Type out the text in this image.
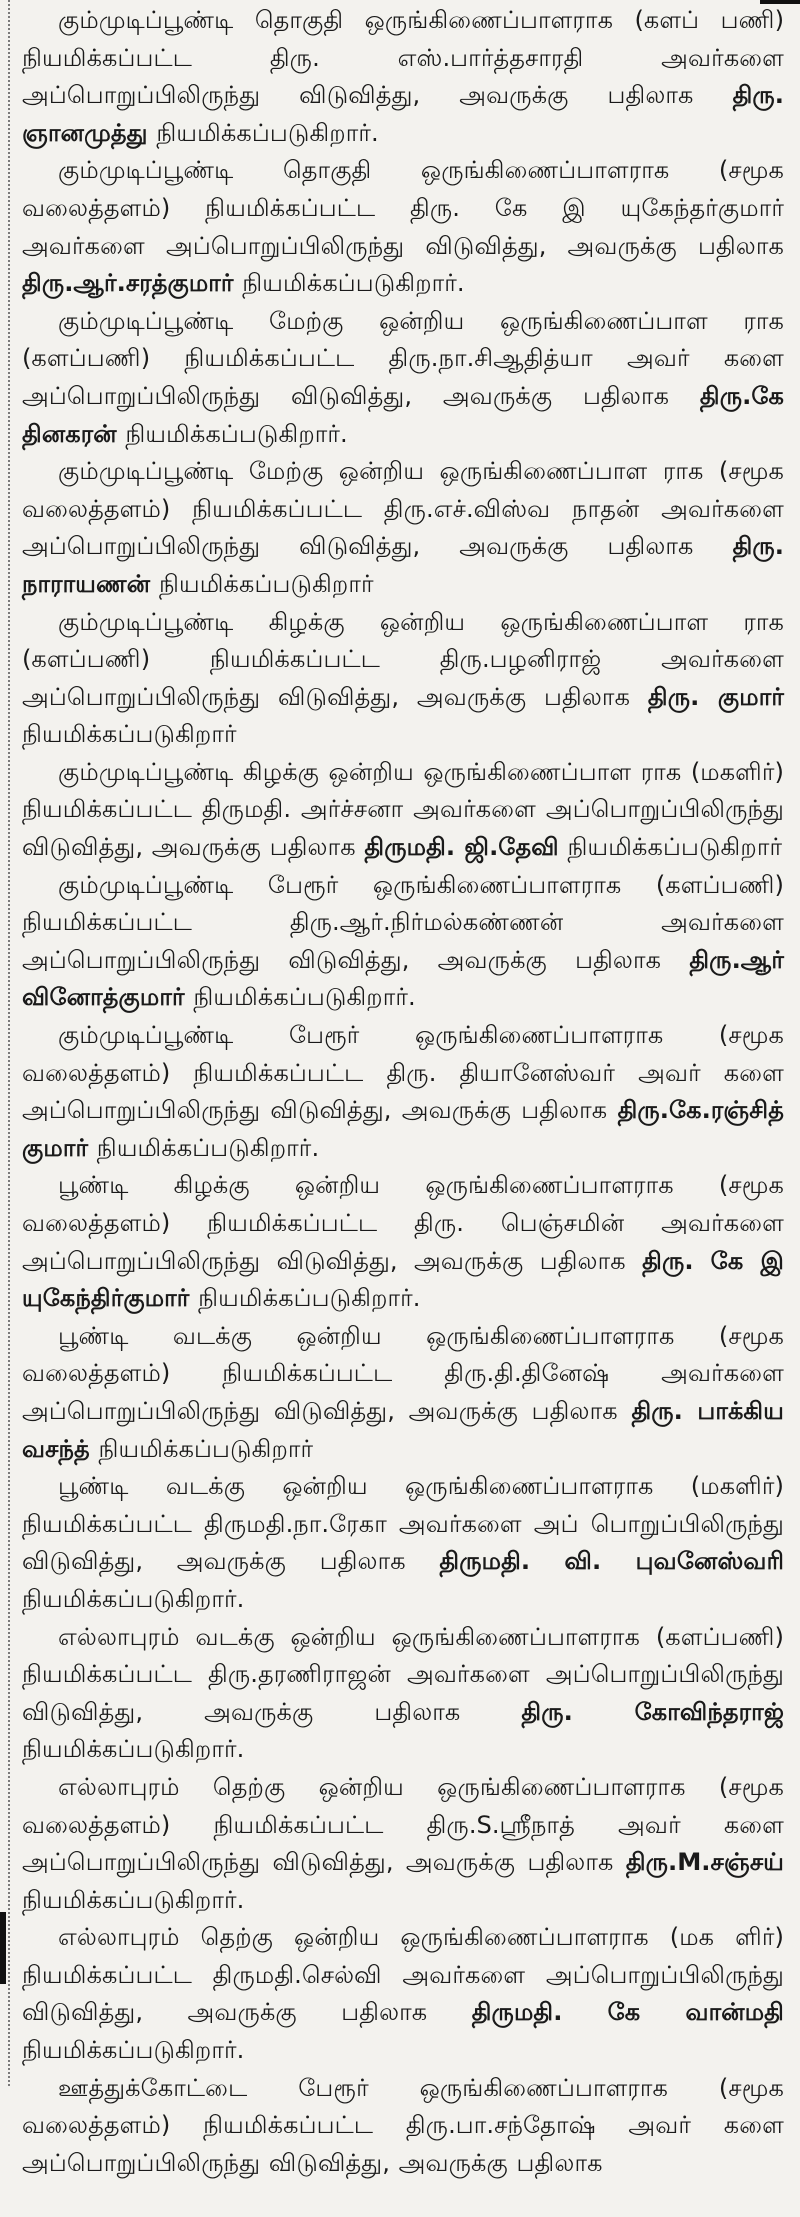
கும்முடிப்பூண்டி தொகுதி ஒருங்கிணைப்பாளராக (களப் பணி) நியமிக்கப்பட்ட திரு. எஸ்.பார்த்தசாரதி அவர்களை அப்பொறுப்பிலிருந்து விடுவித்து, அவருக்கு பதிலாக திரு. ஞானமுத்து நியமிக்கப்படுகிறார்.

கும்முடிப்பூண்டி தொகுதி ஒருங்கிணைப்பாளராக (சமூக வலைத்தளம்) நியமிக்கப்பட்ட திரு. கே இ யுகேந்தர்குமார் அவர்களை அப்பொறுப்பிலிருந்து விடுவித்து, அவருக்கு பதிலாக திரு.ஆர்.சரத்குமார் நியமிக்கப்படுகிறார்.

கும்முடிப்பூண்டி மேற்கு ஒன்றிய ஒருங்கிணைப்பாள ராக (களப்பணி) நியமிக்கப்பட்ட திரு.நா.சிஆதித்யா அவர் களை அப்பொறுப்பிலிருந்து விடுவித்து, அவருக்கு பதிலாக திரு.கே தினகரன் நியமிக்கப்படுகிறார்.

கும்முடிப்பூண்டி மேற்கு ஒன்றிய ஒருங்கிணைப்பாள ராக (சமூக வலைத்தளம்) நியமிக்கப்பட்ட திரு.எச்.விஸ்வ நாதன் அவர்களை அப்பொறுப்பிலிருந்து விடுவித்து, அவருக்கு பதிலாக திரு. நாராயணன் நியமிக்கப்படுகிறார்

கும்முடிப்பூண்டி கிழக்கு ஒன்றிய ஒருங்கிணைப்பாள ராக (களப்பணி) நியமிக்கப்பட்ட திரு.பழனிராஜ் அவர்களை அப்பொறுப்பிலிருந்து விடுவித்து, அவருக்கு பதிலாக திரு. குமார் நியமிக்கப்படுகிறார்

கும்முடிப்பூண்டி கிழக்கு ஒன்றிய ஒருங்கிணைப்பாள ராக (மகளிர்) நியமிக்கப்பட்ட திருமதி. அர்ச்சனா அவர்களை அப்பொறுப்பிலிருந்து விடுவித்து, அவருக்கு பதிலாக திருமதி. ஜி.தேவி நியமிக்கப்படுகிறார்

கும்முடிப்பூண்டி பேரூர் ஒருங்கிணைப்பாளராக (களப்பணி) நியமிக்கப்பட்ட திரு.ஆர்.நிர்மல்கண்ணன் அவர்களை அப்பொறுப்பிலிருந்து விடுவித்து, அவருக்கு பதிலாக திரு.ஆர் வினோத்குமார் நியமிக்கப்படுகிறார்.

கும்முடிப்பூண்டி பேரூர் ஒருங்கிணைப்பாளராக (சமூக வலைத்தளம்) நியமிக்கப்பட்ட திரு. தியானேஸ்வர் அவர் களை அப்பொறுப்பிலிருந்து விடுவித்து, அவருக்கு பதிலாக திரு.கே.ரஞ்சித் குமார் நியமிக்கப்படுகிறார்.

பூண்டி கிழக்கு ஒன்றிய ஒருங்கிணைப்பாளராக (சமூக வலைத்தளம்) நியமிக்கப்பட்ட திரு. பெஞ்சமின் அவர்களை அப்பொறுப்பிலிருந்து விடுவித்து, அவருக்கு பதிலாக திரு. கே இ யுகேந்திர்குமார் நியமிக்கப்படுகிறார்.

பூண்டி வடக்கு ஒன்றிய ஒருங்கிணைப்பாளராக (சமூக வலைத்தளம்) நியமிக்கப்பட்ட திரு.தி.தினேஷ் அவர்களை அப்பொறுப்பிலிருந்து விடுவித்து, அவருக்கு பதிலாக திரு. பாக்கிய வசந்த் நியமிக்கப்படுகிறார்

பூண்டி வடக்கு ஒன்றிய ஒருங்கிணைப்பாளராக (மகளிர்) நியமிக்கப்பட்ட திருமதி.நா.ரேகா அவர்களை அப் பொறுப்பிலிருந்து விடுவித்து, அவருக்கு பதிலாக திருமதி. வி. புவனேஸ்வரி நியமிக்கப்படுகிறார்.

எல்லாபுரம் வடக்கு ஒன்றிய ஒருங்கிணைப்பாளராக (களப்பணி) நியமிக்கப்பட்ட திரு.தரணிராஜன் அவர்களை அப்பொறுப்பிலிருந்து விடுவித்து, அவருக்கு பதிலாக திரு. கோவிந்தராஜ் நியமிக்கப்படுகிறார்.

எல்லாபுரம் தெற்கு ஒன்றிய ஒருங்கிணைப்பாளராக (சமூக வலைத்தளம்) நியமிக்கப்பட்ட திரு.S.ஸ்ரீநாத் அவர் களை அப்பொறுப்பிலிருந்து விடுவித்து, அவருக்கு பதிலாக திரு.M.சஞ்சய் நியமிக்கப்படுகிறார்.

எல்லாபுரம் தெற்கு ஒன்றிய ஒருங்கிணைப்பாளராக (மக ளிர்) நியமிக்கப்பட்ட திருமதி.செல்வி அவர்களை அப்பொறுப்பிலிருந்து விடுவித்து, அவருக்கு பதிலாக திருமதி. கே வான்மதி நியமிக்கப்படுகிறார்.

ஊத்துக்கோட்டை பேரூர் ஒருங்கிணைப்பாளராக (சமூக வலைத்தளம்) நியமிக்கப்பட்ட திரு.பா.சந்தோஷ் அவர் களை அப்பொறுப்பிலிருந்து விடுவித்து, அவருக்கு பதிலாக
